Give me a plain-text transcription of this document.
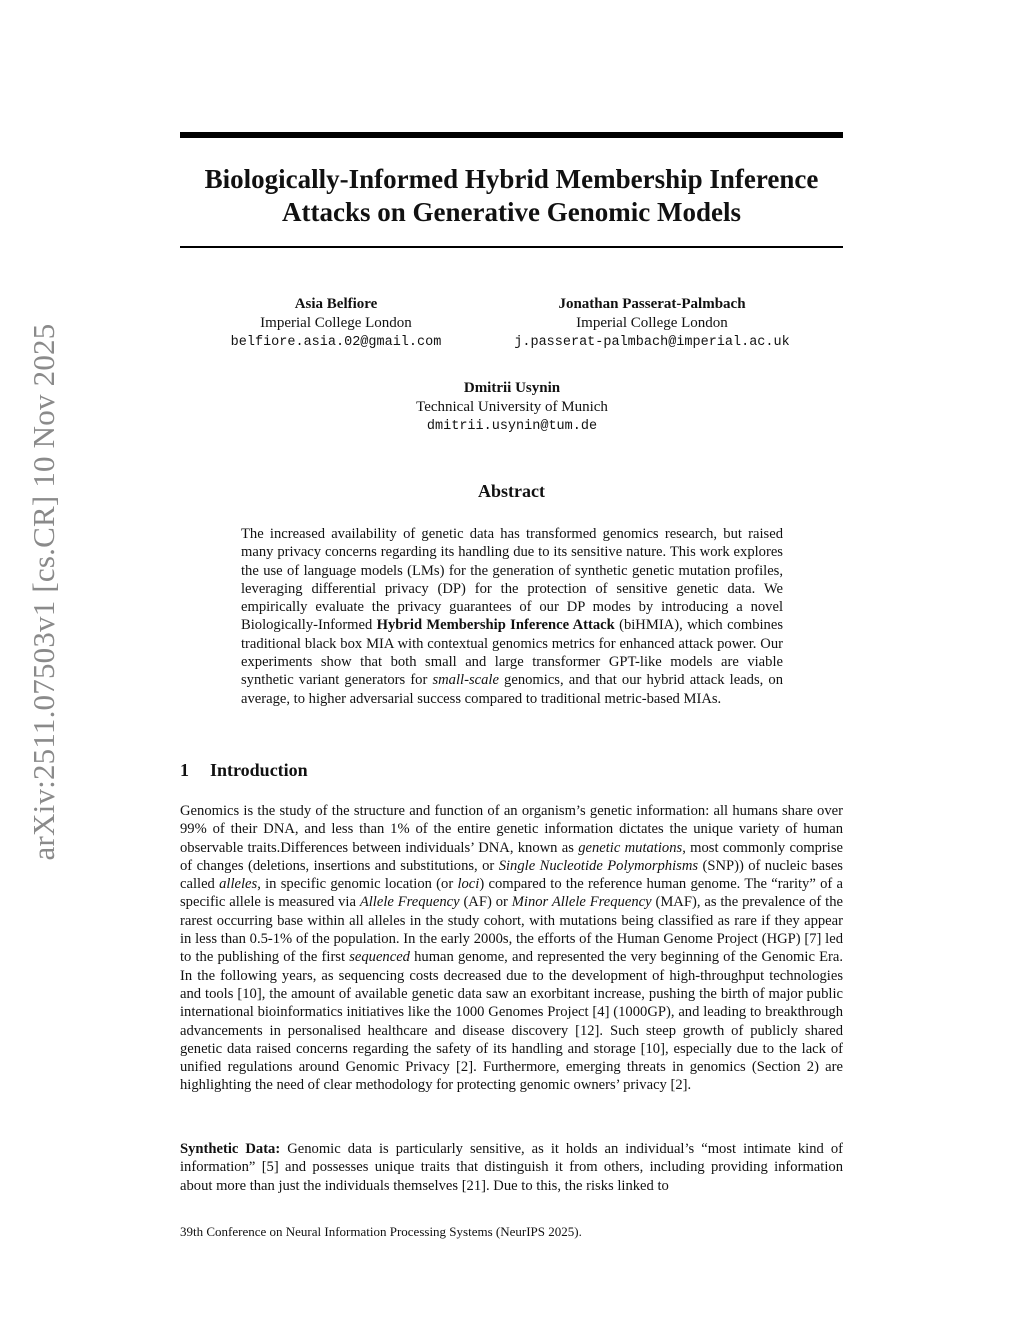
arXiv:2511.07503v1 [cs.CR] 10 Nov 2025
Biologically-Informed Hybrid Membership Inference
Attacks on Generative Genomic Models
Asia Belfiore
Imperial College London
belfiore.asia.02@gmail.com
Jonathan Passerat-Palmbach
Imperial College London
j.passerat-palmbach@imperial.ac.uk
Dmitrii Usynin
Technical University of Munich
dmitrii.usynin@tum.de
Abstract
The increased availability of genetic data has transformed genomics research, but raised many privacy concerns regarding its handling due to its sensitive nature. This work explores the use of language models (LMs) for the generation of synthetic genetic mutation profiles, leveraging differential privacy (DP) for the protection of sensitive genetic data. We empirically evaluate the privacy guarantees of our DP modes by introducing a novel Biologically-Informed Hybrid Membership Inference Attack (biHMIA), which combines traditional black box MIA with contextual genomics metrics for enhanced attack power. Our experiments show that both small and large transformer GPT-like models are viable synthetic variant generators for small-scale genomics, and that our hybrid attack leads, on average, to higher adversarial success compared to traditional metric-based MIAs.
1 Introduction
Genomics is the study of the structure and function of an organism’s genetic information: all humans share over 99% of their DNA, and less than 1% of the entire genetic information dictates the unique variety of human observable traits.Differences between individuals’ DNA, known as genetic mutations, most commonly comprise of changes (deletions, insertions and substitutions, or Single Nucleotide Polymorphisms (SNP)) of nucleic bases called alleles, in specific genomic location (or loci) compared to the reference human genome. The “rarity” of a specific allele is measured via Allele Frequency (AF) or Minor Allele Frequency (MAF), as the prevalence of the rarest occurring base within all alleles in the study cohort, with mutations being classified as rare if they appear in less than 0.5-1% of the population. In the early 2000s, the efforts of the Human Genome Project (HGP) [7] led to the publishing of the first sequenced human genome, and represented the very beginning of the Genomic Era. In the following years, as sequencing costs decreased due to the development of high-throughput technologies and tools [10], the amount of available genetic data saw an exorbitant increase, pushing the birth of major public international bioinformatics initiatives like the 1000 Genomes Project [4] (1000GP), and leading to breakthrough advancements in personalised healthcare and disease discovery [12]. Such steep growth of publicly shared genetic data raised concerns regarding the safety of its handling and storage [10], especially due to the lack of unified regulations around Genomic Privacy [2]. Furthermore, emerging threats in genomics (Section 2) are highlighting the need of clear methodology for protecting genomic owners’ privacy [2].
Synthetic Data: Genomic data is particularly sensitive, as it holds an individual’s “most intimate kind of information” [5] and possesses unique traits that distinguish it from others, including providing information about more than just the individuals themselves [21]. Due to this, the risks linked to
39th Conference on Neural Information Processing Systems (NeurIPS 2025).
